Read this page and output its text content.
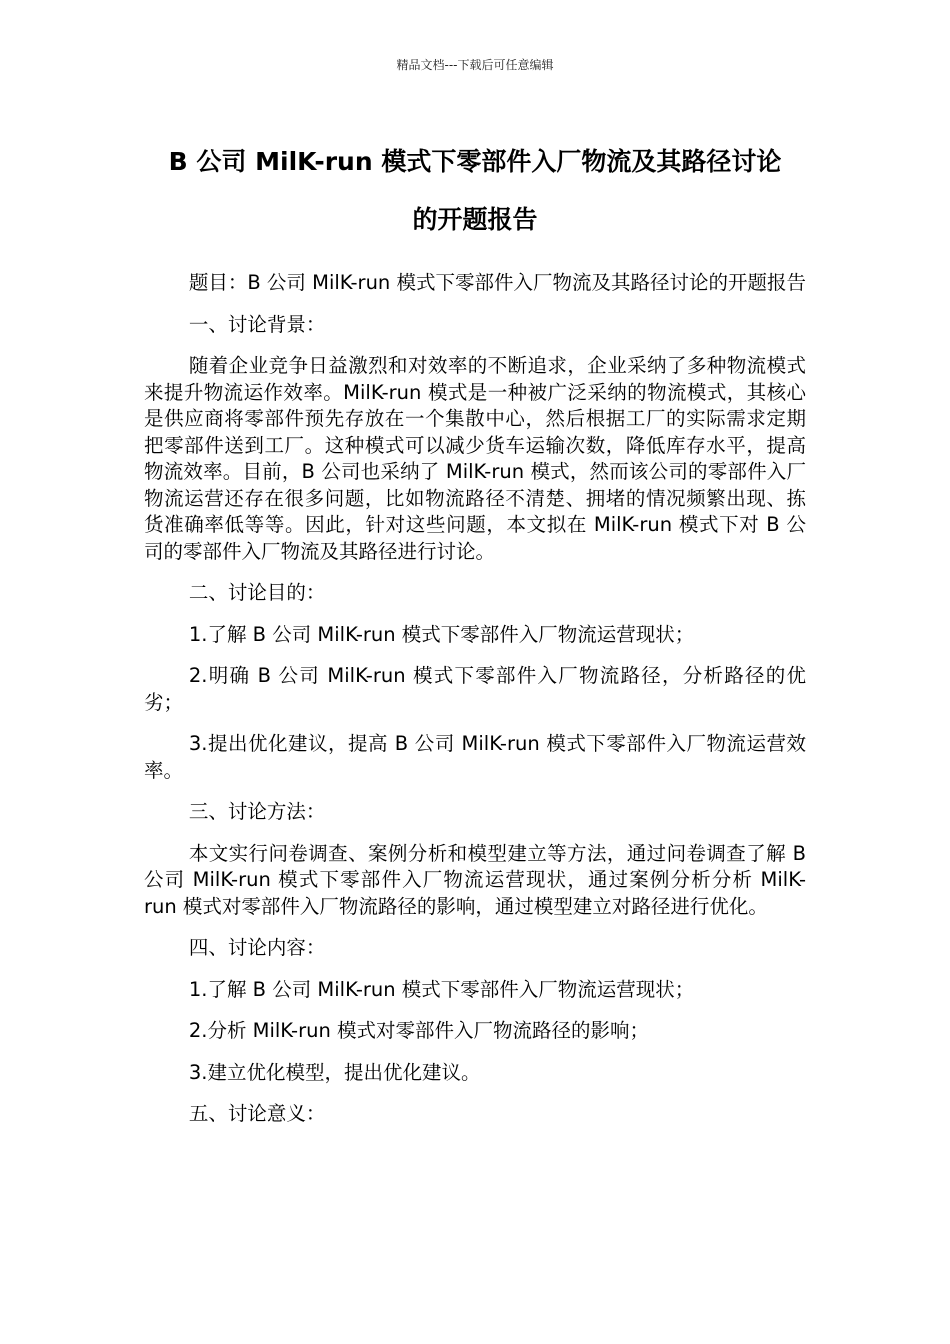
精品文档---下载后可任意编辑
B 公司 MilK-run 模式下零部件入厂物流及其路径讨论
的开题报告

题目：B 公司 MilK-run 模式下零部件入厂物流及其路径讨论的开题报告

一、讨论背景：

随着企业竞争日益激烈和对效率的不断追求，企业采纳了多种物流模式来提升物流运作效率。MilK-run 模式是一种被广泛采纳的物流模式，其核心是供应商将零部件预先存放在一个集散中心，然后根据工厂的实际需求定期把零部件送到工厂。这种模式可以减少货车运输次数，降低库存水平，提高物流效率。目前，B 公司也采纳了 MilK-run 模式，然而该公司的零部件入厂物流运营还存在很多问题，比如物流路径不清楚、拥堵的情况频繁出现、拣货准确率低等等。因此，针对这些问题，本文拟在 MilK-run 模式下对 B 公司的零部件入厂物流及其路径进行讨论。

二、讨论目的：

1.了解 B 公司 MilK-run 模式下零部件入厂物流运营现状；

2.明确 B 公司 MilK-run 模式下零部件入厂物流路径，分析路径的优劣；

3.提出优化建议，提高 B 公司 MilK-run 模式下零部件入厂物流运营效率。

三、讨论方法：

本文实行问卷调查、案例分析和模型建立等方法，通过问卷调查了解 B 公司 MilK-run 模式下零部件入厂物流运营现状，通过案例分析分析 MilK-run 模式对零部件入厂物流路径的影响，通过模型建立对路径进行优化。

四、讨论内容：

1.了解 B 公司 MilK-run 模式下零部件入厂物流运营现状；

2.分析 MilK-run 模式对零部件入厂物流路径的影响；

3.建立优化模型，提出优化建议。

五、讨论意义：
